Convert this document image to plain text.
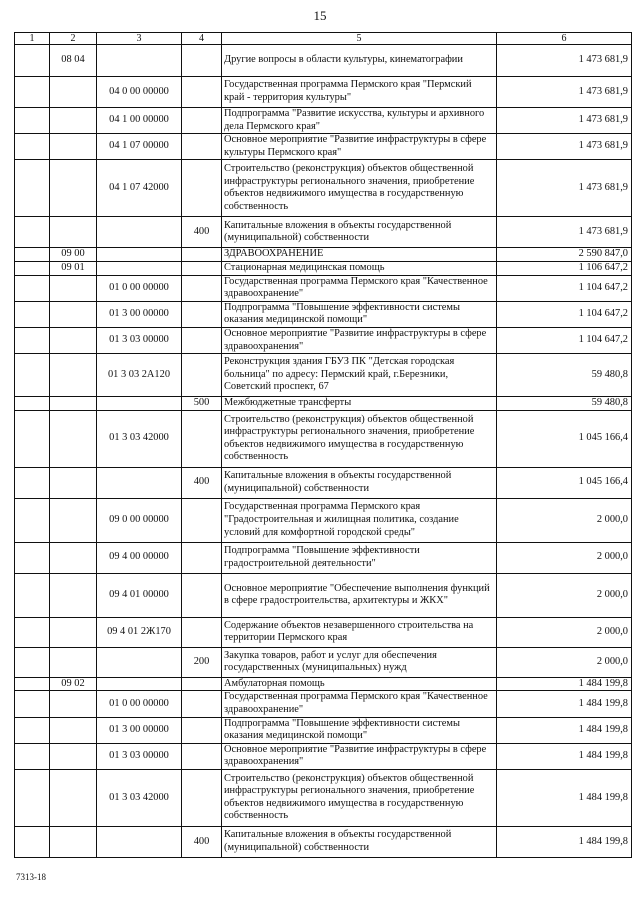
15
1	2	3	4	5	6
	08 04			Другие вопросы в области культуры, кинематографии	1 473 681,9
		04 0 00 00000		Государственная программа Пермского края "Пермский край - территория культуры"	1 473 681,9
		04 1 00 00000		Подпрограмма "Развитие искусства, культуры и архивного дела Пермского края"	1 473 681,9
		04 1 07 00000		Основное мероприятие "Развитие инфраструктуры в сфере культуры Пермского края"	1 473 681,9
		04 1 07 42000		Строительство (реконструкция) объектов общественной инфраструктуры регионального значения, приобретение объектов недвижимого имущества в государственную собственность	1 473 681,9
			400	Капитальные вложения в объекты государственной (муниципальной) собственности	1 473 681,9
	09 00			ЗДРАВООХРАНЕНИЕ	2 590 847,0
	09 01			Стационарная медицинская помощь	1 106 647,2
		01 0 00 00000		Государственная программа Пермского края "Качественное здравоохранение"	1 104 647,2
		01 3 00 00000		Подпрограмма "Повышение эффективности системы оказания медицинской помощи"	1 104 647,2
		01 3 03 00000		Основное мероприятие "Развитие инфраструктуры в сфере здравоохранения"	1 104 647,2
		01 3 03 2А120		Реконструкция здания ГБУЗ ПК "Детская городская больница" по адресу: Пермский край, г.Березники, Советский проспект, 67	59 480,8
			500	Межбюджетные трансферты	59 480,8
		01 3 03 42000		Строительство (реконструкция) объектов общественной инфраструктуры регионального значения, приобретение объектов недвижимого имущества в государственную собственность	1 045 166,4
			400	Капитальные вложения в объекты государственной (муниципальной) собственности	1 045 166,4
		09 0 00 00000		Государственная программа Пермского края "Градостроительная и жилищная политика, создание условий для комфортной городской среды"	2 000,0
		09 4 00 00000		Подпрограмма "Повышение эффективности градостроительной деятельности"	2 000,0
		09 4 01 00000		Основное мероприятие "Обеспечение выполнения функций в сфере градостроительства, архитектуры и ЖКХ"	2 000,0
		09 4 01 2Ж170		Содержание объектов незавершенного строительства на территории Пермского края	2 000,0
			200	Закупка товаров, работ и услуг для обеспечения государственных (муниципальных) нужд	2 000,0
	09 02			Амбулаторная помощь	1 484 199,8
		01 0 00 00000		Государственная программа Пермского края "Качественное здравоохранение"	1 484 199,8
		01 3 00 00000		Подпрограмма "Повышение эффективности системы оказания медицинской помощи"	1 484 199,8
		01 3 03 00000		Основное мероприятие "Развитие инфраструктуры в сфере здравоохранения"	1 484 199,8
		01 3 03 42000		Строительство (реконструкция) объектов общественной инфраструктуры регионального значения, приобретение объектов недвижимого имущества в государственную собственность	1 484 199,8
			400	Капитальные вложения в объекты государственной (муниципальной) собственности	1 484 199,8
7313-18
